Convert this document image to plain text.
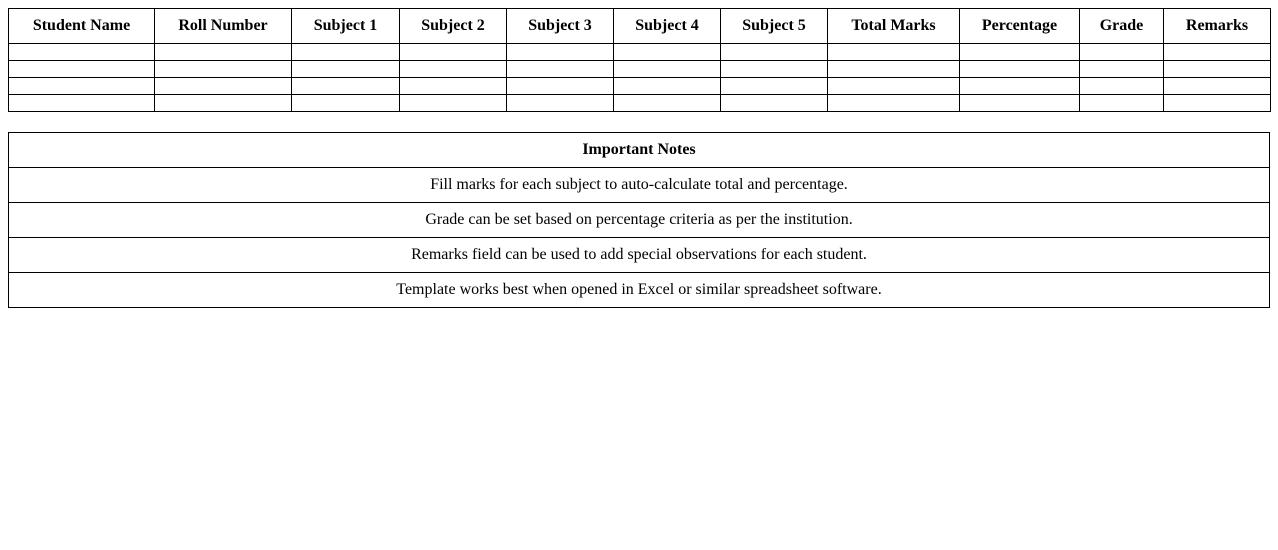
Student Name	Roll Number	Subject 1	Subject 2	Subject 3	Subject 4	Subject 5	Total Marks	Percentage	Grade	Remarks

Important Notes
Fill marks for each subject to auto-calculate total and percentage.
Grade can be set based on percentage criteria as per the institution.
Remarks field can be used to add special observations for each student.
Template works best when opened in Excel or similar spreadsheet software.
